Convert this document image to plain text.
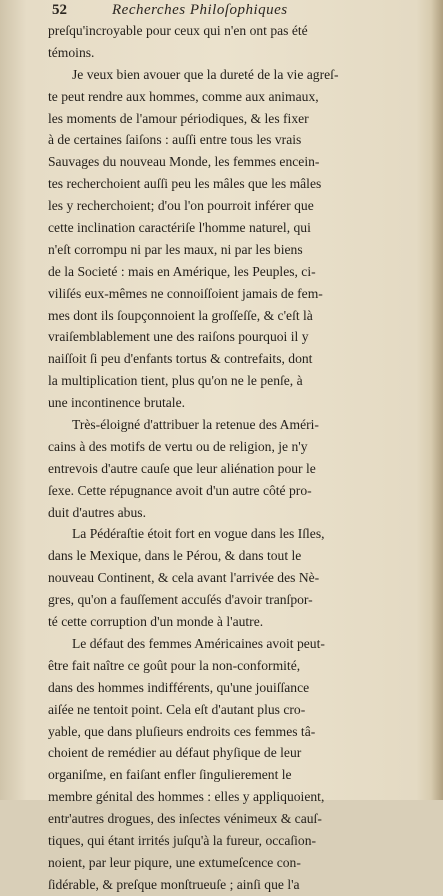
52	Recherches Philoſophiques
preſqu'incroyable pour ceux qui n'en ont pas été
témoins.
Je veux bien avouer que la dureté de la vie agreſ-
te peut rendre aux hommes, comme aux animaux,
les moments de l'amour périodiques, & les fixer
à de certaines ſaiſons : auſſi entre tous les vrais
Sauvages du nouveau Monde, les femmes encein-
tes recherchoient auſſi peu les mâles que les mâles
les y recherchoient; d'ou l'on pourroit inférer que
cette inclination caractériſe l'homme naturel, qui
n'eſt corrompu ni par les maux, ni par les biens
de la Societé : mais en Amérique, les Peuples, ci-
viliſés eux-mêmes ne connoiſſoient jamais de fem-
mes dont ils ſoupçonnoient la groſſeſſe, & c'eſt là
vraiſemblablement une des raiſons pourquoi il y
naiſſoit ſi peu d'enfants tortus & contrefaits, dont
la multiplication tient, plus qu'on ne le penſe, à
une incontinence brutale.
Très-éloigné d'attribuer la retenue des Améri-
cains à des motifs de vertu ou de religion, je n'y
entrevois d'autre cauſe que leur aliénation pour le
ſexe. Cette répugnance avoit d'un autre côté pro-
duit d'autres abus.
La Pédéraſtie étoit fort en vogue dans les Iſles,
dans le Mexique, dans le Pérou, & dans tout le
nouveau Continent, & cela avant l'arrivée des Nè-
gres, qu'on a fauſſement accuſés d'avoir tranſpor-
té cette corruption d'un monde à l'autre.
Le défaut des femmes Américaines avoit peut-
être fait naître ce goût pour la non-conformité,
dans des hommes indifférents, qu'une jouiſſance
aiſée ne tentoit point. Cela eſt d'autant plus cro-
yable, que dans pluſieurs endroits ces femmes tâ-
choient de remédier au défaut phyſique de leur
organiſme, en faiſant enfler ſingulierement le
membre génital des hommes : elles y appliquoient,
entr'autres drogues, des inſectes vénimeux & cauſ-
tiques, qui étant irrités juſqu'à la fureur, occaſion-
noient, par leur piqure, une extumeſcence con-
ſidérable, & preſque monſtrueuſe ; ainſi que l'a
